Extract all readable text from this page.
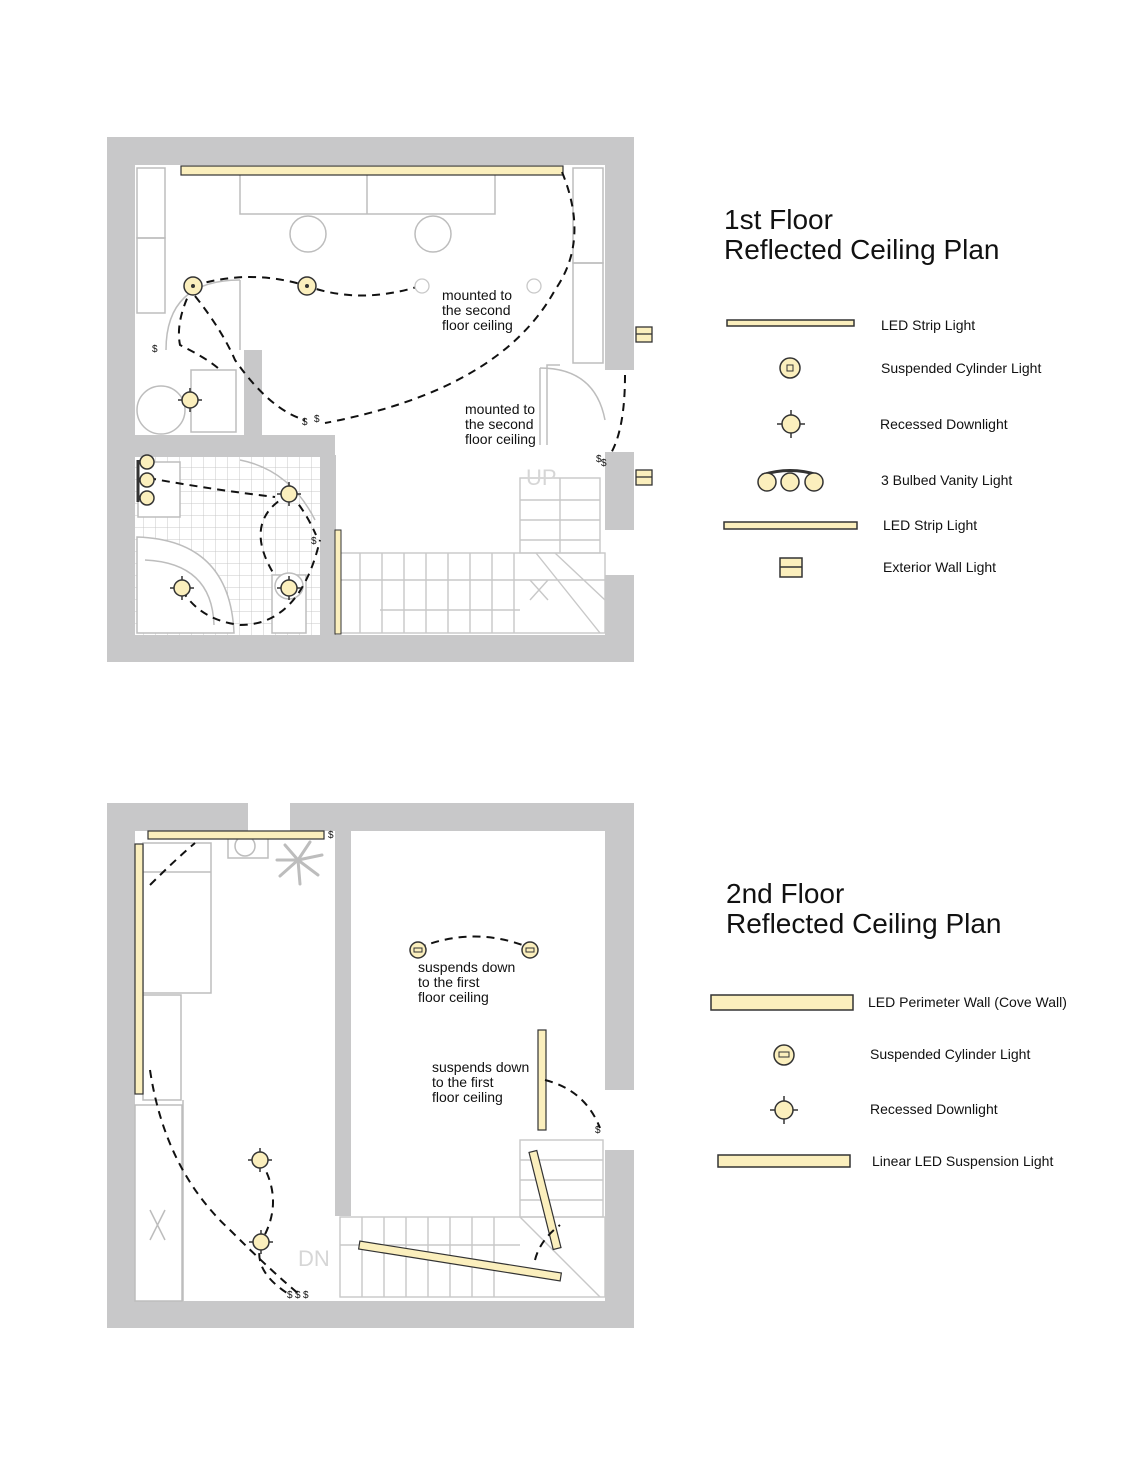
UP
$
$ $
$ $
$
mounted to
the second
floor ceiling
mounted to
the second
floor ceiling
DN
$
$
$ $ $
suspends down
to the first
floor ceiling
suspends down
to the first
floor ceiling
1st Floor
Reflected Ceiling Plan
LED Strip Light
Suspended Cylinder Light
Recessed Downlight
3 Bulbed Vanity Light
LED Strip Light
Exterior Wall Light
2nd Floor
Reflected Ceiling Plan
LED Perimeter Wall (Cove Wall)
Suspended Cylinder Light
Recessed Downlight
Linear LED Suspension Light
